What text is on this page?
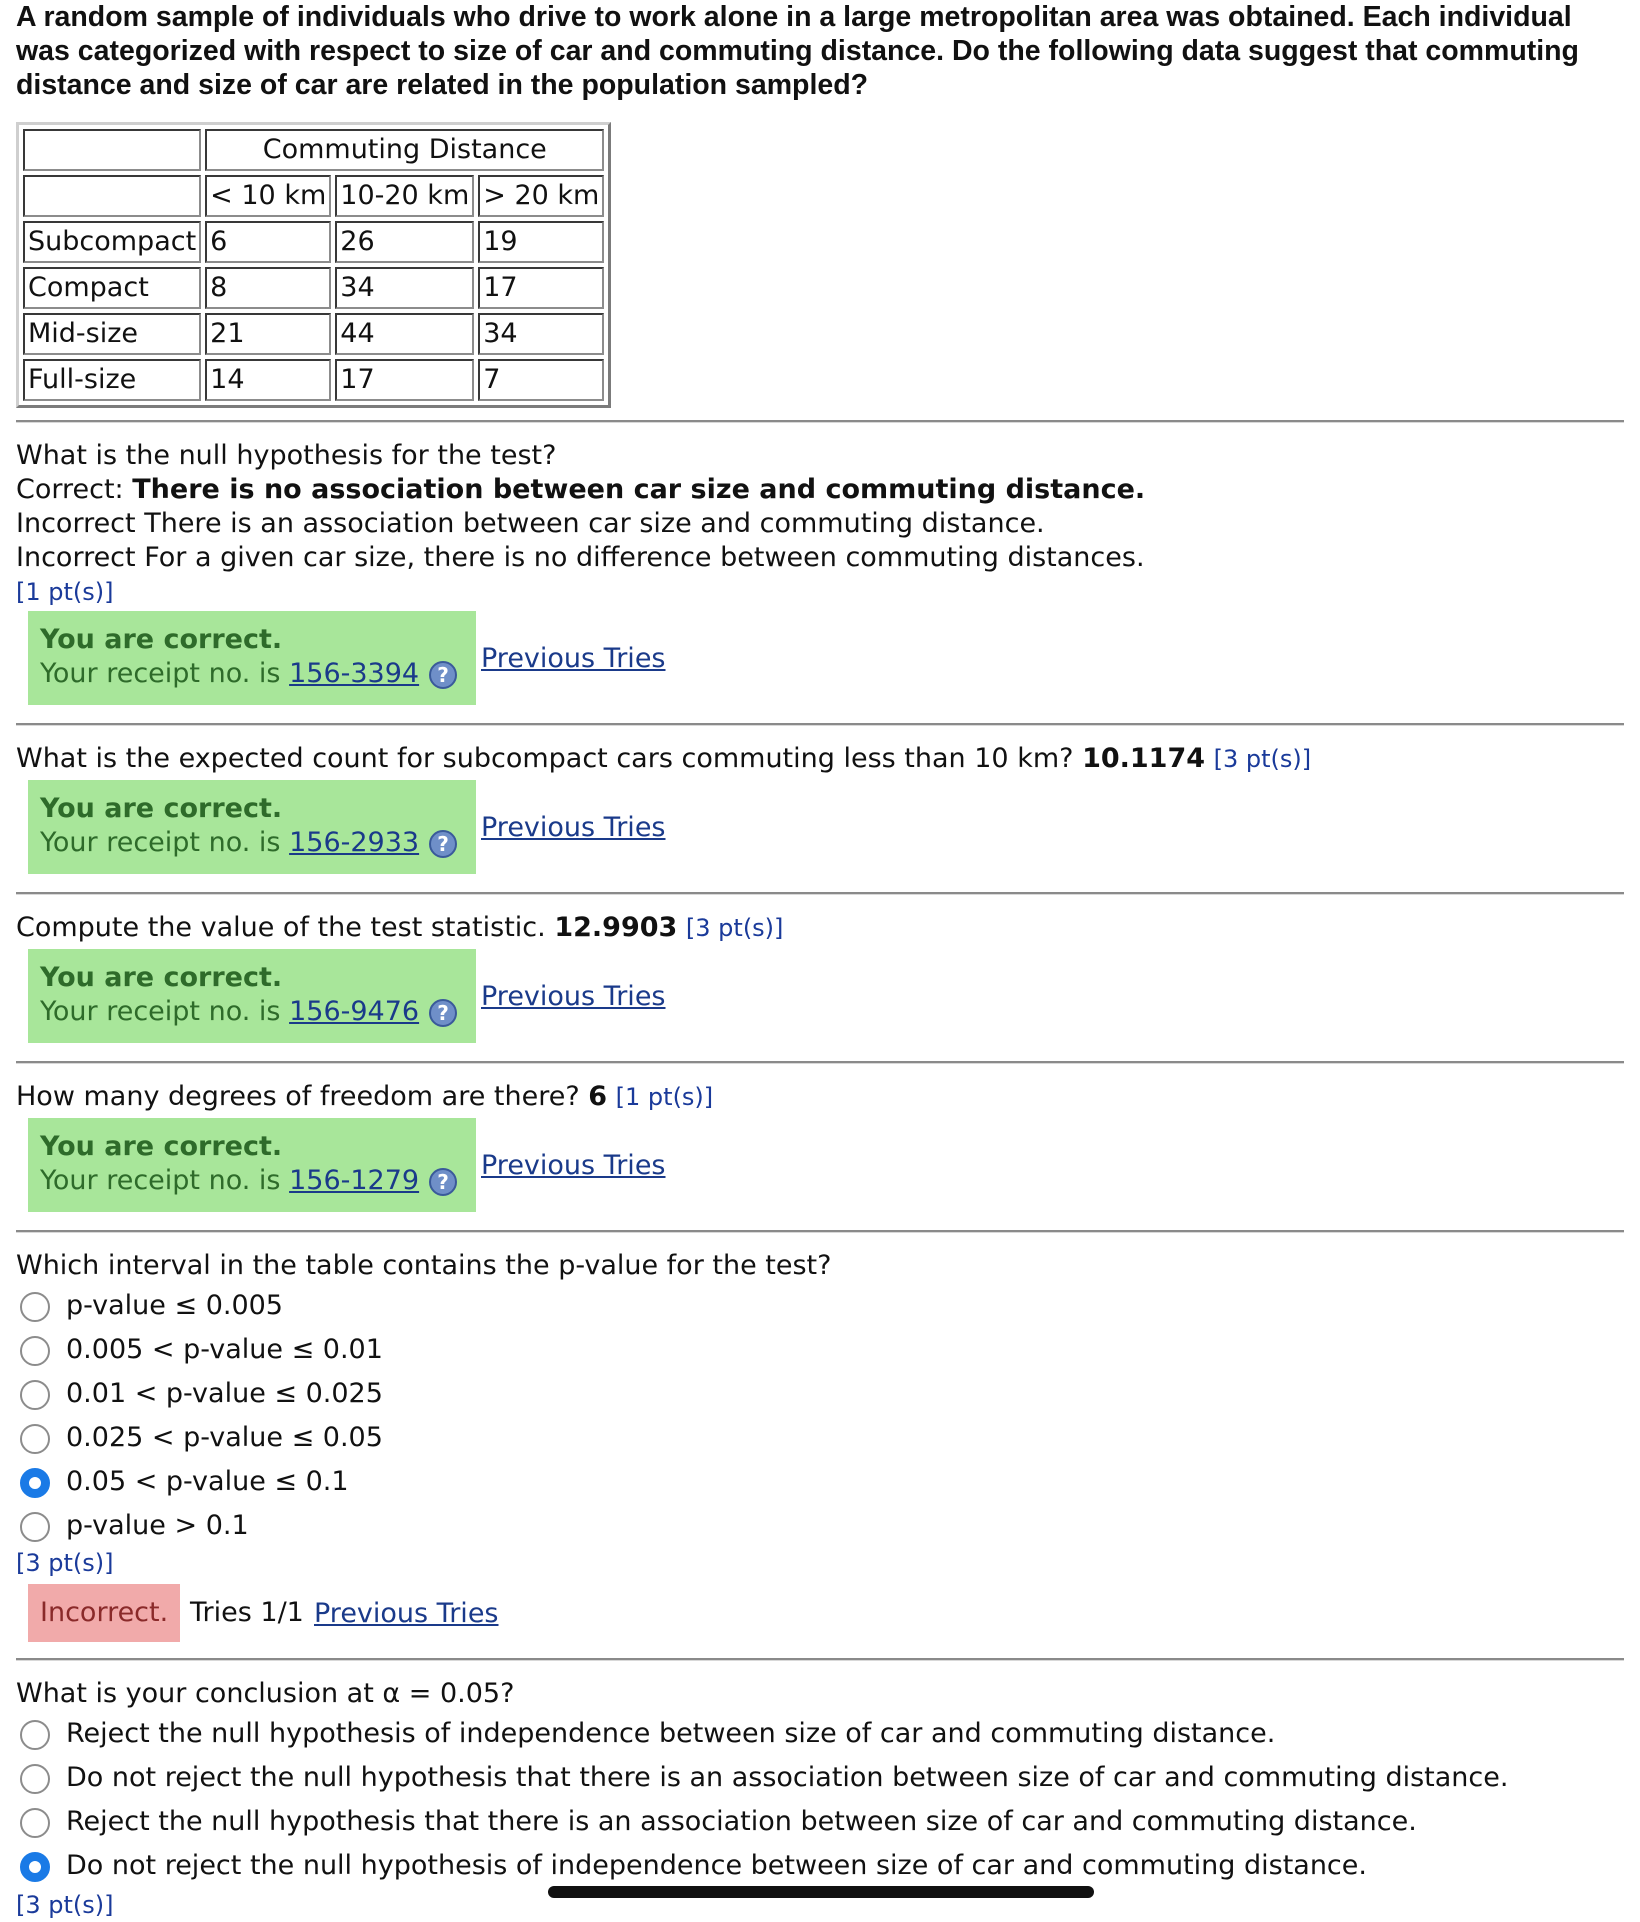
A random sample of individuals who drive to work alone in a large metropolitan area was obtained. Each individual was categorized with respect to size of car and commuting distance. Do the following data suggest that commuting distance and size of car are related in the population sampled?

	Commuting Distance		
	< 10 km	10-20 km	> 20 km
Subcompact	6	26	19
Compact	8	34	17
Mid-size	21	44	34
Full-size	14	17	7
What is the null hypothesis for the test?
Correct: There is no association between car size and commuting distance.
Incorrect There is an association between car size and commuting distance.
Incorrect For a given car size, there is no difference between commuting distances.
[1 pt(s)]
You are correct.
Your receipt no. is 156-3394 ?
Previous Tries
What is the expected count for subcompact cars commuting less than 10 km? 10.1174 [3 pt(s)]
You are correct.
Your receipt no. is 156-2933 ?
Previous Tries
Compute the value of the test statistic. 12.9903 [3 pt(s)]
You are correct.
Your receipt no. is 156-9476 ?
Previous Tries
How many degrees of freedom are there? 6 [1 pt(s)]
You are correct.
Your receipt no. is 156-1279 ?
Previous Tries
Which interval in the table contains the p-value for the test?
p-value ≤ 0.005
0.005 < p-value ≤ 0.01
0.01 < p-value ≤ 0.025
0.025 < p-value ≤ 0.05
0.05 < p-value ≤ 0.1
p-value > 0.1
[3 pt(s)]
Incorrect. Tries 1/1 Previous Tries
What is your conclusion at α = 0.05?
Reject the null hypothesis of independence between size of car and commuting distance.
Do not reject the null hypothesis that there is an association between size of car and commuting distance.
Reject the null hypothesis that there is an association between size of car and commuting distance.
Do not reject the null hypothesis of independence between size of car and commuting distance.
[3 pt(s)]
